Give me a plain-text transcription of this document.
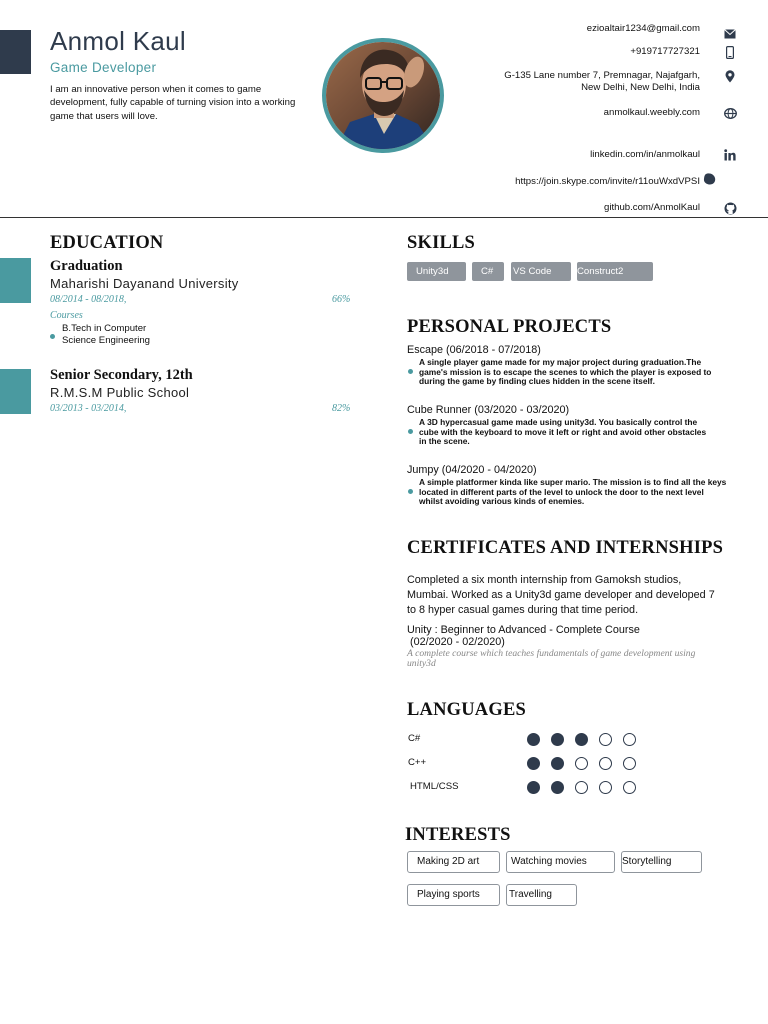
Anmol Kaul
Game Developer
I am an innovative person when it comes to game development, fully capable of turning vision into a working game that users will love.
ezioaltair1234@gmail.com
+919717727321
G-135 Lane number 7, Premnagar, Najafgarh,
New Delhi, New Delhi, India
anmolkaul.weebly.com
linkedin.com/in/anmolkaul
https://join.skype.com/invite/r11ouWxdVPSI
github.com/AnmolKaul
EDUCATION
Graduation
Maharishi Dayanand University
08/2014 - 08/2018,	66%
Courses
B.Tech in Computer
Science Engineering
Senior Secondary, 12th
R.M.S.M Public School
03/2013 - 03/2014,	82%
SKILLS
Unity3d	C#	VS Code	Construct2
PERSONAL PROJECTS
Escape (06/2018 - 07/2018)
A single player game made for my major project during graduation.The
game's mission is to escape the scenes to which the player is exposed to
during the game by finding clues hidden in the scene itself.
Cube Runner (03/2020 - 03/2020)
A 3D hypercasual game made using unity3d. You basically control the
cube with the keyboard to move it left or right and avoid other obstacles
in the scene.
Jumpy (04/2020 - 04/2020)
A simple platformer kinda like super mario. The mission is to find all the keys
located in different parts of the level to unlock the door to the next level
whilst avoiding various kinds of enemies.
CERTIFICATES AND INTERNSHIPS
Completed a six month internship from Gamoksh studios,
Mumbai. Worked as a Unity3d game developer and developed 7
to 8 hyper casual games during that time period.
Unity : Beginner to Advanced - Complete Course
(02/2020 - 02/2020)
A complete course which teaches fundamentals of game development using
unity3d
LANGUAGES
C#
C++
HTML/CSS
INTERESTS
Making 2D art	Watching movies	Storytelling
Playing sports	Travelling
